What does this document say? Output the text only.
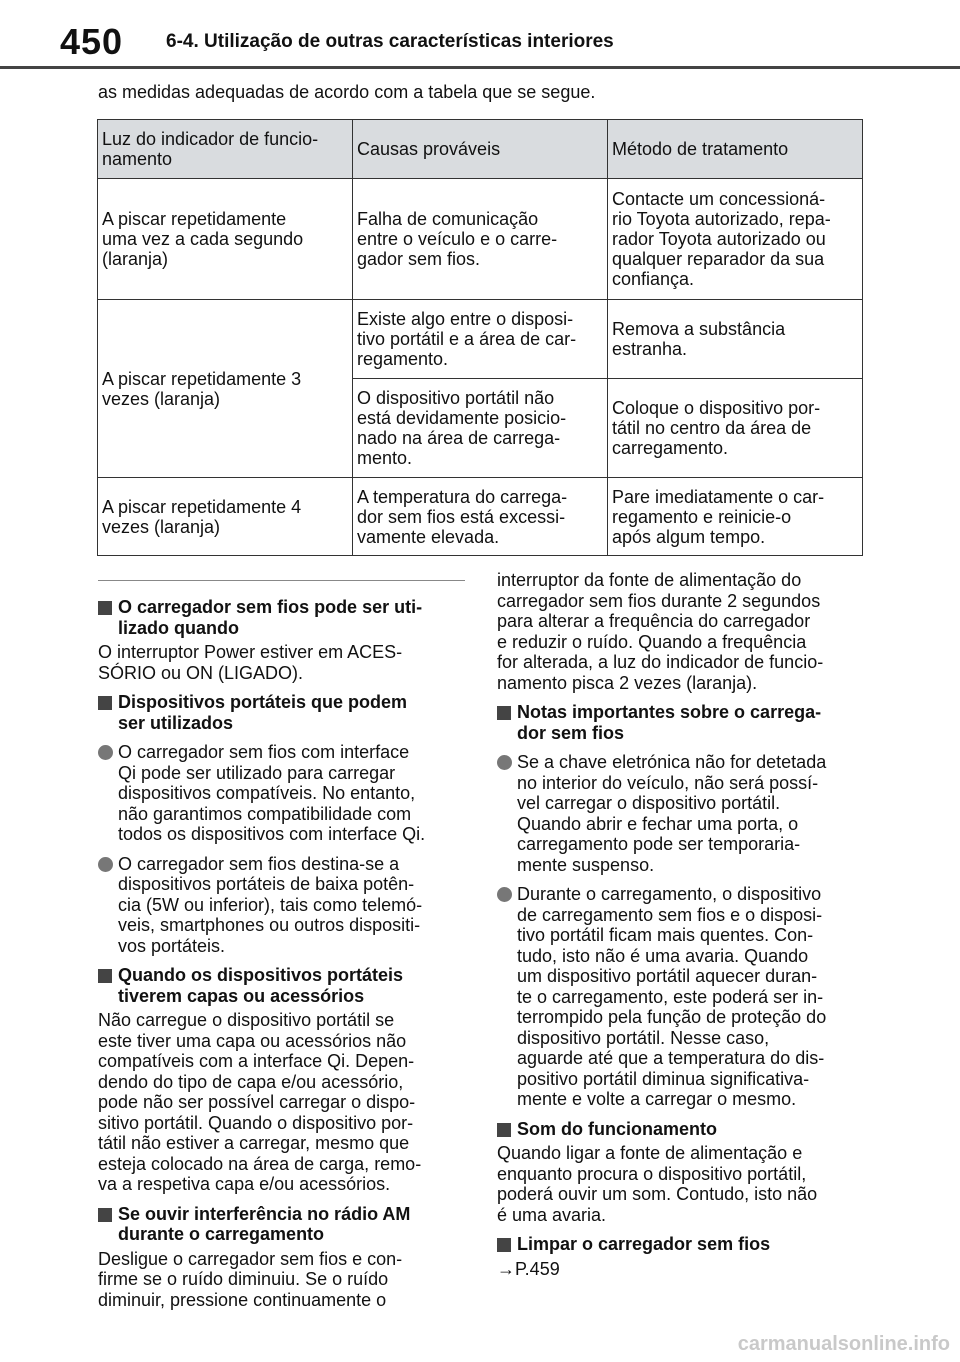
450 6-4. Utilização de outras características interiores
as medidas adequadas de acordo com a tabela que se segue.
Luz do indicador de funcio-
namento	Causas prováveis	Método de tratamento

A piscar repetidamente
uma vez a cada segundo
(laranja)	Falha de comunicação
entre o veículo e o carre-
gador sem fios.	Contacte um concessioná-
rio Toyota autorizado, repa-
rador Toyota autorizado ou
qualquer reparador da sua
confiança.

A piscar repetidamente 3
vezes (laranja)	Existe algo entre o disposi-
tivo portátil e a área de car-
regamento.	Remova a substância
estranha.

	O dispositivo portátil não
está devidamente posicio-
nado na área de carrega-
mento.	Coloque o dispositivo por-
tátil no centro da área de
carregamento.

A piscar repetidamente 4
vezes (laranja)	A temperatura do carrega-
dor sem fios está excessi-
vamente elevada.	Pare imediatamente o car-
regamento e reinicie-o
após algum tempo.
O carregador sem fios pode ser uti-
lizado quando
O interruptor Power estiver em ACES-
SÓRIO ou ON (LIGADO).
Dispositivos portáteis que podem
ser utilizados
O carregador sem fios com interface
Qi pode ser utilizado para carregar
dispositivos compatíveis. No entanto,
não garantimos compatibilidade com
todos os dispositivos com interface Qi.
O carregador sem fios destina-se a
dispositivos portáteis de baixa potên-
cia (5W ou inferior), tais como telemó-
veis, smartphones ou outros dispositi-
vos portáteis.
Quando os dispositivos portáteis
tiverem capas ou acessórios
Não carregue o dispositivo portátil se
este tiver uma capa ou acessórios não
compatíveis com a interface Qi. Depen-
dendo do tipo de capa e/ou acessório,
pode não ser possível carregar o dispo-
sitivo portátil. Quando o dispositivo por-
tátil não estiver a carregar, mesmo que
esteja colocado na área de carga, remo-
va a respetiva capa e/ou acessórios.
Se ouvir interferência no rádio AM
durante o carregamento
Desligue o carregador sem fios e con-
firme se o ruído diminuiu. Se o ruído
diminuir, pressione continuamente o
interruptor da fonte de alimentação do
carregador sem fios durante 2 segundos
para alterar a frequência do carregador
e reduzir o ruído. Quando a frequência
for alterada, a luz do indicador de funcio-
namento pisca 2 vezes (laranja).
Notas importantes sobre o carrega-
dor sem fios
Se a chave eletrónica não for detetada
no interior do veículo, não será possí-
vel carregar o dispositivo portátil.
Quando abrir e fechar uma porta, o
carregamento pode ser temporaria-
mente suspenso.
Durante o carregamento, o dispositivo
de carregamento sem fios e o disposi-
tivo portátil ficam mais quentes. Con-
tudo, isto não é uma avaria. Quando
um dispositivo portátil aquecer duran-
te o carregamento, este poderá ser in-
terrompido pela função de proteção do
dispositivo portátil. Nesse caso,
aguarde até que a temperatura do dis-
positivo portátil diminua significativa-
mente e volte a carregar o mesmo.
Som do funcionamento
Quando ligar a fonte de alimentação e
enquanto procura o dispositivo portátil,
poderá ouvir um som. Contudo, isto não
é uma avaria.
Limpar o carregador sem fios
→P.459
carmanualsonline.info
